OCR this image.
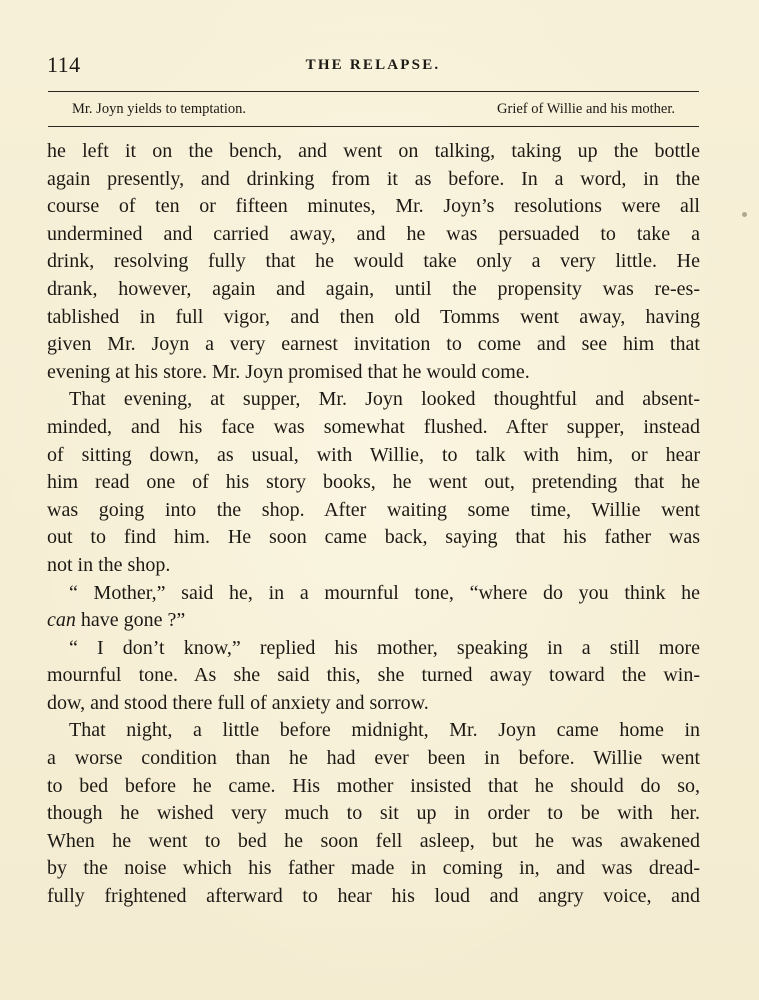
114	THE RELAPSE.
Mr. Joyn yields to temptation.	Grief of Willie and his mother.
he left it on the bench, and went on talking, taking up the bottle
again presently, and drinking from it as before. In a word, in the
course of ten or fifteen minutes, Mr. Joyn’s resolutions were all
undermined and carried away, and he was persuaded to take a
drink, resolving fully that he would take only a very little. He
drank, however, again and again, until the propensity was re-es-
tablished in full vigor, and then old Tomms went away, having
given Mr. Joyn a very earnest invitation to come and see him that
evening at his store. Mr. Joyn promised that he would come.
That evening, at supper, Mr. Joyn looked thoughtful and absent-
minded, and his face was somewhat flushed. After supper, instead
of sitting down, as usual, with Willie, to talk with him, or hear
him read one of his story books, he went out, pretending that he
was going into the shop. After waiting some time, Willie went
out to find him. He soon came back, saying that his father was
not in the shop.
“ Mother,” said he, in a mournful tone, “where do you think he
can have gone ?”
“ I don’t know,” replied his mother, speaking in a still more
mournful tone. As she said this, she turned away toward the win-
dow, and stood there full of anxiety and sorrow.
That night, a little before midnight, Mr. Joyn came home in
a worse condition than he had ever been in before. Willie went
to bed before he came. His mother insisted that he should do so,
though he wished very much to sit up in order to be with her.
When he went to bed he soon fell asleep, but he was awakened
by the noise which his father made in coming in, and was dread-
fully frightened afterward to hear his loud and angry voice, and
